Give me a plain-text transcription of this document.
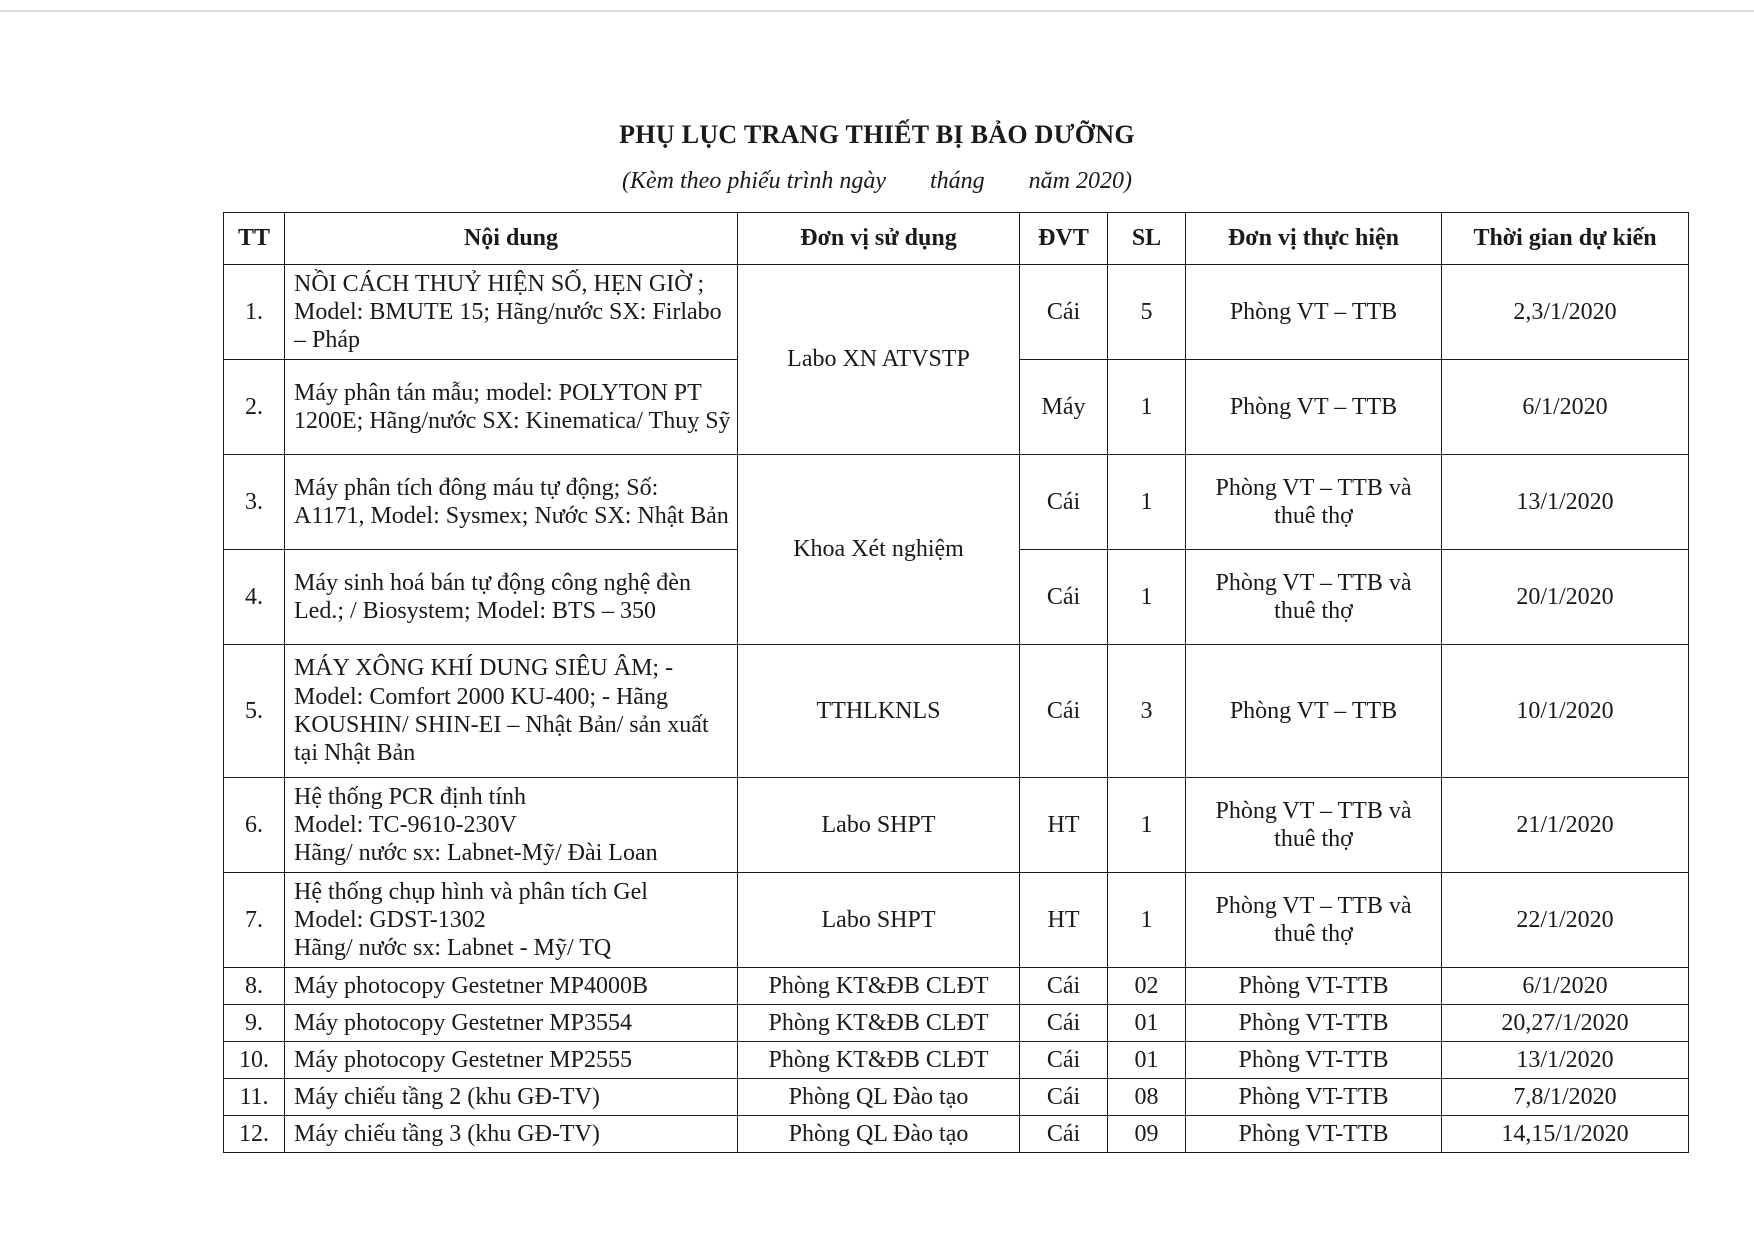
PHỤ LỤC TRANG THIẾT BỊ BẢO DƯỠNG
(Kèm theo phiếu trình ngày tháng năm 2020)
TT	Nội dung	Đơn vị sử dụng	ĐVT	SL	Đơn vị thực hiện	Thời gian dự kiến
1.	NỒI CÁCH THUỶ HIỆN SỐ, HẸN GIỜ ; Model: BMUTE 15; Hãng/nước SX: Firlabo – Pháp	Labo XN ATVSTP	Cái	5	Phòng VT – TTB	2,3/1/2020
2.	Máy phân tán mẫu; model: POLYTON PT 1200E; Hãng/nước SX: Kinematica/ Thuỵ Sỹ		Máy	1	Phòng VT – TTB	6/1/2020
3.	Máy phân tích đông máu tự động; Số: A1171, Model: Sysmex; Nước SX: Nhật Bản	Khoa Xét nghiệm	Cái	1	Phòng VT – TTB và thuê thợ	13/1/2020
4.	Máy sinh hoá bán tự động công nghệ đèn Led.; / Biosystem; Model: BTS – 350		Cái	1	Phòng VT – TTB và thuê thợ	20/1/2020
5.	MÁY XÔNG KHÍ DUNG SIÊU ÂM; - Model: Comfort 2000 KU-400; - Hãng KOUSHIN/ SHIN-EI – Nhật Bản/ sản xuất tại Nhật Bản	TTHLKNLS	Cái	3	Phòng VT – TTB	10/1/2020
6.	Hệ thống PCR định tính
Model: TC-9610-230V
Hãng/ nước sx: Labnet-Mỹ/ Đài Loan	Labo SHPT	HT	1	Phòng VT – TTB và thuê thợ	21/1/2020
7.	Hệ thống chụp hình và phân tích Gel
Model: GDST-1302
Hãng/ nước sx: Labnet - Mỹ/ TQ	Labo SHPT	HT	1	Phòng VT – TTB và thuê thợ	22/1/2020
8.	Máy photocopy Gestetner MP4000B	Phòng KT&ĐB CLĐT	Cái	02	Phòng VT-TTB	6/1/2020
9.	Máy photocopy Gestetner MP3554	Phòng KT&ĐB CLĐT	Cái	01	Phòng VT-TTB	20,27/1/2020
10.	Máy photocopy Gestetner MP2555	Phòng KT&ĐB CLĐT	Cái	01	Phòng VT-TTB	13/1/2020
11.	Máy chiếu tầng 2 (khu GĐ-TV)	Phòng QL Đào tạo	Cái	08	Phòng VT-TTB	7,8/1/2020
12.	Máy chiếu tầng 3 (khu GĐ-TV)	Phòng QL Đào tạo	Cái	09	Phòng VT-TTB	14,15/1/2020
